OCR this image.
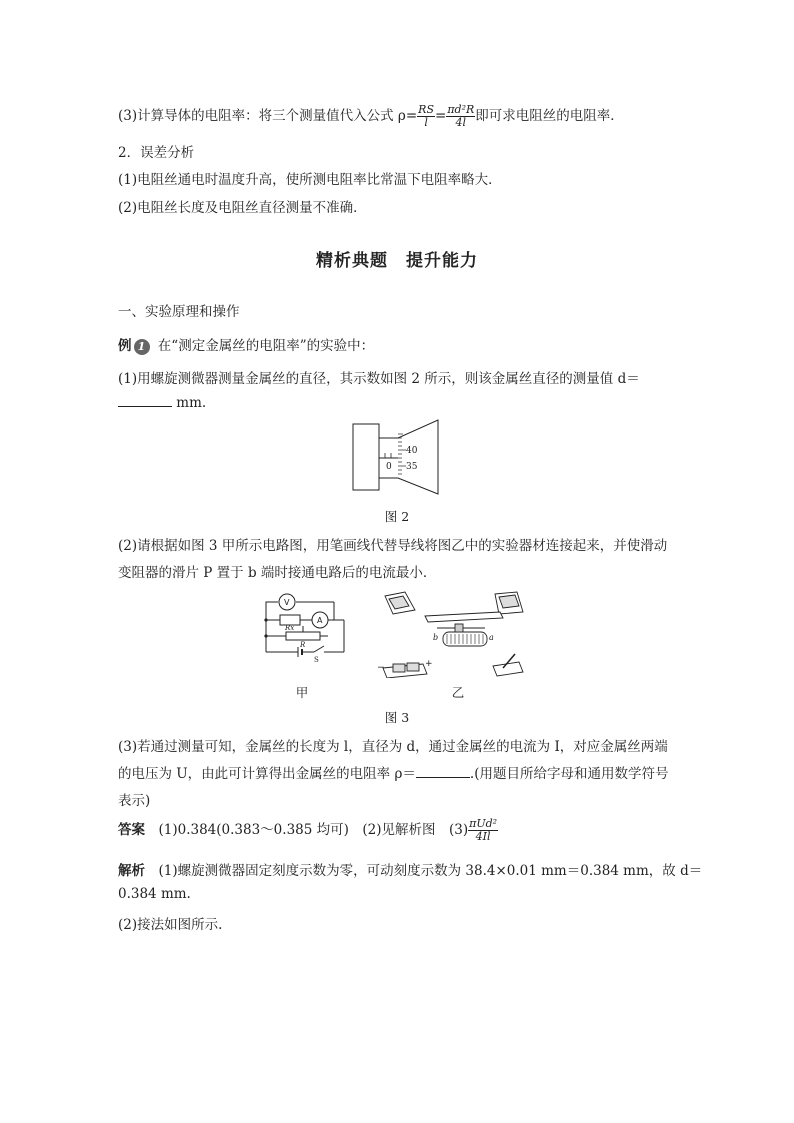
(3)计算导体的电阻率：将三个测量值代入公式 $\rho= \frac{RS}{l} = \frac{\text{πd²R}}{4l}$ 即可求电阻丝的电阻率．
2．误差分析
(1)电阻丝通电时温度升高，使所测电阻率比常温下电阻率略大．
(2)电阻丝长度及电阻丝直径测量不准确．
精析典题　提升能力
一、实验原理和操作
例 1 在“测定金属丝的电阻率”的实验中：
(1)用螺旋测微器测量金属丝的直径，其示数如图 2 所示，则该金属丝直径的测量值 d＝
mm.
40
35
0
图 2
(2)请根据如图 3 甲所示电路图，用笔画线代替导线将图乙中的实验器材连接起来，并使滑动
变阻器的滑片 P 置于 b 端时接通电路后的电流最小．
V
A
Rx
R
S
甲
b	a
−	+
乙
图 3
(3)若通过测量可知，金属丝的长度为 l，直径为 d，通过金属丝的电流为 I，对应金属丝两端
的电压为 U，由此可计算得出金属丝的电阻率 ρ＝	.(用题目所给字母和通用数学符号
表示)
答案　 (1)0.384(0.383～0.385 均可)　(2)见解析图　$(3) \frac{\text{πUd²}}{4Il}$
解析　 (1)螺旋测微器固定刻度示数为零，可动刻度示数为 38.4×0.01 mm＝0.384 mm，故 d＝
0.384 mm.
(2)接法如图所示.
